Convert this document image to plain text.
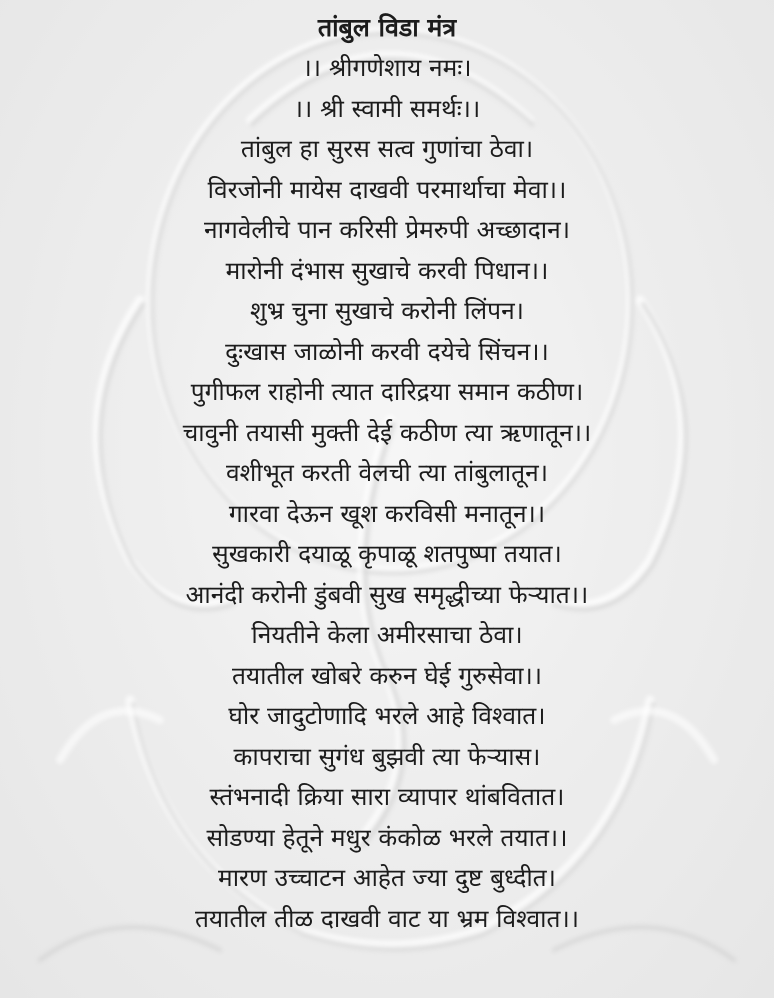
तांबुल विडा मंत्र
।। श्रीगणेशाय नमः।
।। श्री स्वामी समर्थः।।
तांबुल हा सुरस सत्व गुणांचा ठेवा।
विरजोनी मायेस दाखवी परमार्थाचा मेवा।।
नागवेलीचे पान करिसी प्रेमरुपी अच्छादान।
मारोनी दंभास सुखाचे करवी पिधान।।
शुभ्र चुना सुखाचे करोनी लिंपन।
दुःखास जाळोनी करवी दयेचे सिंचन।।
पुगीफल राहोनी त्यात दारिद्रया समान कठीण।
चावुनी तयासी मुक्ती देई कठीण त्या ऋणातून।।
वशीभूत करती वेलची त्या तांबुलातून।
गारवा देऊन खूश करविसी मनातून।।
सुखकारी दयाळू कृपाळू शतपुष्पा तयात।
आनंदी करोनी डुंबवी सुख समृद्धीच्या फेऱ्यात।।
नियतीने केला अमीरसाचा ठेवा।
तयातील खोबरे करुन घेई गुरुसेवा।।
घोर जादुटोणादि भरले आहे विश्वात।
कापराचा सुगंध बुझवी त्या फेऱ्यास।
स्तंभनादी क्रिया सारा व्यापार थांबवितात।
सोडण्या हेतूने मधुर कंकोळ भरले तयात।।
मारण उच्चाटन आहेत ज्या दुष्ट बुध्दीत।
तयातील तीळ दाखवी वाट या भ्रम विश्वात।।
